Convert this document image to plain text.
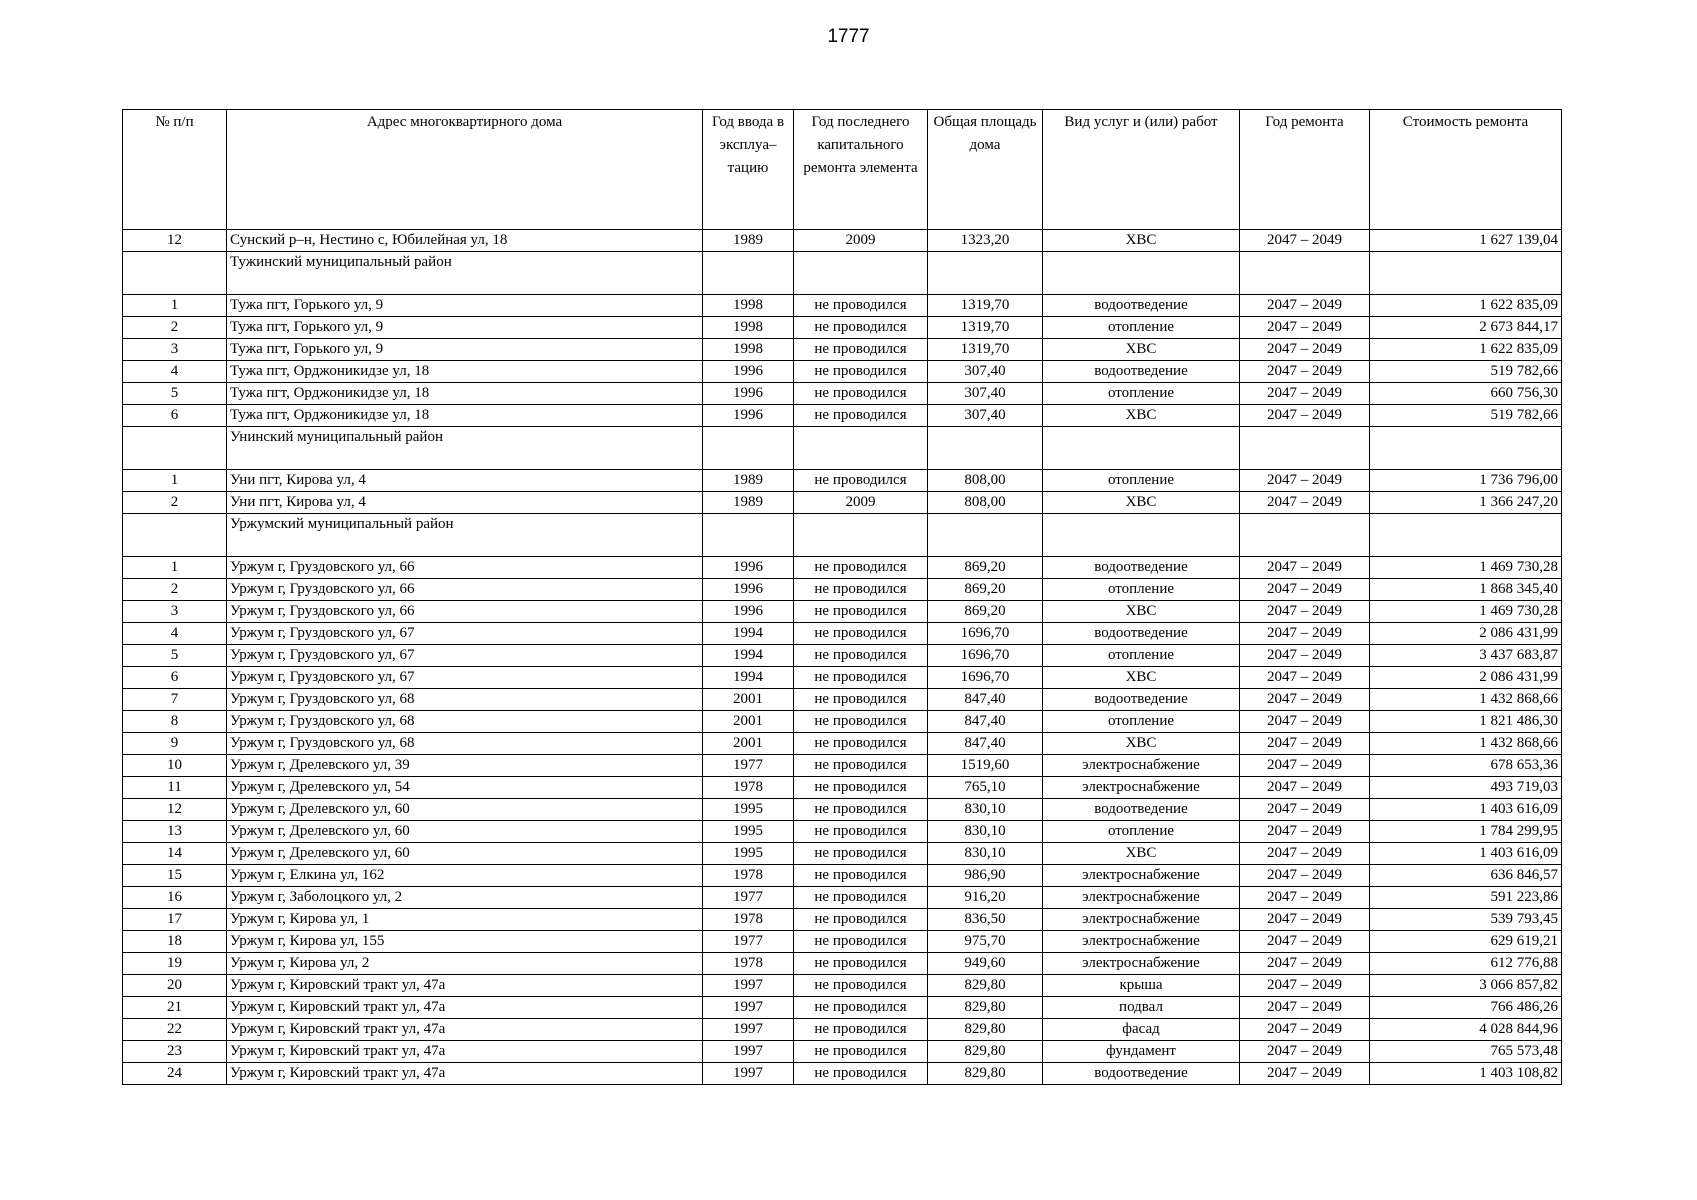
1777
№ п/п	Адрес многоквартирного дома	Год ввода в эксплуа–тацию	Год последнего капитального ремонта элемента	Общая площадь дома	Вид услуг и (или) работ	Год ремонта	Стоимость ремонта
12	Сунский р–н, Нестино с, Юбилейная ул, 18	1989	2009	1323,20	ХВС	2047 – 2049	1 627 139,04
	Тужинский муниципальный район						
1	Тужа пгт, Горького ул, 9	1998	не проводился	1319,70	водоотведение	2047 – 2049	1 622 835,09
2	Тужа пгт, Горького ул, 9	1998	не проводился	1319,70	отопление	2047 – 2049	2 673 844,17
3	Тужа пгт, Горького ул, 9	1998	не проводился	1319,70	ХВС	2047 – 2049	1 622 835,09
4	Тужа пгт, Орджоникидзе ул, 18	1996	не проводился	307,40	водоотведение	2047 – 2049	519 782,66
5	Тужа пгт, Орджоникидзе ул, 18	1996	не проводился	307,40	отопление	2047 – 2049	660 756,30
6	Тужа пгт, Орджоникидзе ул, 18	1996	не проводился	307,40	ХВС	2047 – 2049	519 782,66
	Унинский муниципальный район						
1	Уни пгт, Кирова ул, 4	1989	не проводился	808,00	отопление	2047 – 2049	1 736 796,00
2	Уни пгт, Кирова ул, 4	1989	2009	808,00	ХВС	2047 – 2049	1 366 247,20
	Уржумский муниципальный район						
1	Уржум г, Груздовского ул, 66	1996	не проводился	869,20	водоотведение	2047 – 2049	1 469 730,28
2	Уржум г, Груздовского ул, 66	1996	не проводился	869,20	отопление	2047 – 2049	1 868 345,40
3	Уржум г, Груздовского ул, 66	1996	не проводился	869,20	ХВС	2047 – 2049	1 469 730,28
4	Уржум г, Груздовского ул, 67	1994	не проводился	1696,70	водоотведение	2047 – 2049	2 086 431,99
5	Уржум г, Груздовского ул, 67	1994	не проводился	1696,70	отопление	2047 – 2049	3 437 683,87
6	Уржум г, Груздовского ул, 67	1994	не проводился	1696,70	ХВС	2047 – 2049	2 086 431,99
7	Уржум г, Груздовского ул, 68	2001	не проводился	847,40	водоотведение	2047 – 2049	1 432 868,66
8	Уржум г, Груздовского ул, 68	2001	не проводился	847,40	отопление	2047 – 2049	1 821 486,30
9	Уржум г, Груздовского ул, 68	2001	не проводился	847,40	ХВС	2047 – 2049	1 432 868,66
10	Уржум г, Дрелевского ул, 39	1977	не проводился	1519,60	электроснабжение	2047 – 2049	678 653,36
11	Уржум г, Дрелевского ул, 54	1978	не проводился	765,10	электроснабжение	2047 – 2049	493 719,03
12	Уржум г, Дрелевского ул, 60	1995	не проводился	830,10	водоотведение	2047 – 2049	1 403 616,09
13	Уржум г, Дрелевского ул, 60	1995	не проводился	830,10	отопление	2047 – 2049	1 784 299,95
14	Уржум г, Дрелевского ул, 60	1995	не проводился	830,10	ХВС	2047 – 2049	1 403 616,09
15	Уржум г, Елкина ул, 162	1978	не проводился	986,90	электроснабжение	2047 – 2049	636 846,57
16	Уржум г, Заболоцкого ул, 2	1977	не проводился	916,20	электроснабжение	2047 – 2049	591 223,86
17	Уржум г, Кирова ул, 1	1978	не проводился	836,50	электроснабжение	2047 – 2049	539 793,45
18	Уржум г, Кирова ул, 155	1977	не проводился	975,70	электроснабжение	2047 – 2049	629 619,21
19	Уржум г, Кирова ул, 2	1978	не проводился	949,60	электроснабжение	2047 – 2049	612 776,88
20	Уржум г, Кировский тракт ул, 47а	1997	не проводился	829,80	крыша	2047 – 2049	3 066 857,82
21	Уржум г, Кировский тракт ул, 47а	1997	не проводился	829,80	подвал	2047 – 2049	766 486,26
22	Уржум г, Кировский тракт ул, 47а	1997	не проводился	829,80	фасад	2047 – 2049	4 028 844,96
23	Уржум г, Кировский тракт ул, 47а	1997	не проводился	829,80	фундамент	2047 – 2049	765 573,48
24	Уржум г, Кировский тракт ул, 47а	1997	не проводился	829,80	водоотведение	2047 – 2049	1 403 108,82
